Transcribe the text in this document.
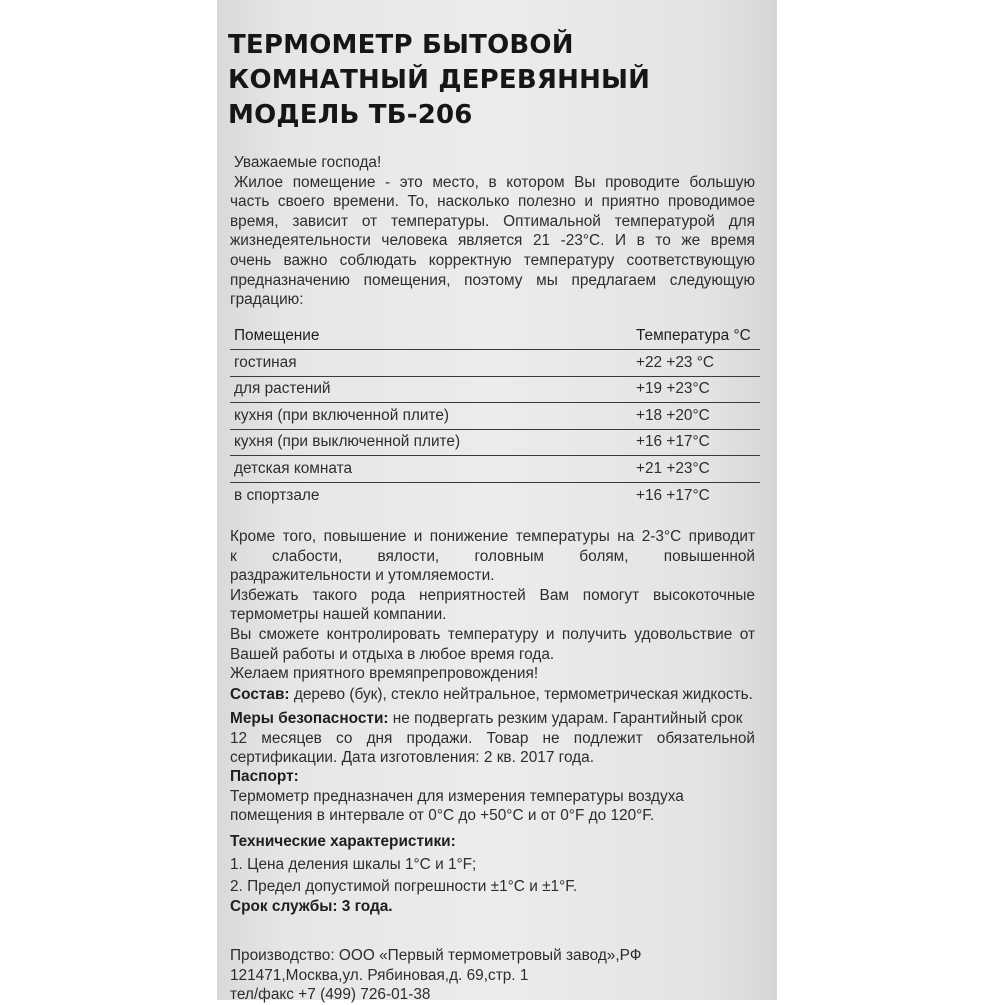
ТЕРМОМЕТР БЫТОВОЙ
КОМНАТНЫЙ ДЕРЕВЯННЫЙ
МОДЕЛЬ ТБ-206
Уважаемые господа!
Жилое помещение - это место, в котором Вы проводите большую
часть своего времени. То, насколько полезно и приятно проводимое
время, зависит от температуры. Оптимальной температурой для
жизнедеятельности человека является 21 -23°C. И в то же время
очень важно соблюдать корректную температуру соответствующую
предназначению помещения, поэтому мы предлагаем следующую
градацию:
Помещение	Температура °С
гостиная	+22 +23 °С
для растений	+19 +23°С
кухня (при включенной плите)	+18 +20°С
кухня (при выключенной плите)	+16 +17°С
детская комната	+21 +23°С
в спортзале	+16 +17°С
Кроме того, повышение и понижение температуры на 2-3°С приводит
к слабости, вялости, головным болям, повышенной
раздражительности и утомляемости.
Избежать такого рода неприятностей Вам помогут высокоточные
термометры нашей компании.
Вы сможете контролировать температуру и получить удовольствие от
Вашей работы и отдыха в любое время года.
Желаем приятного времяпрепровождения!
Состав: дерево (бук), стекло нейтральное, термометрическая жидкость.
Меры безопасности: не подвергать резким ударам. Гарантийный срок
12 месяцев со дня продажи. Товар не подлежит обязательной
сертификации. Дата изготовления: 2 кв. 2017 года.
Паспорт:
Термометр предназначен для измерения температуры воздуха
помещения в интервале от 0°С до +50°С и от 0°F до 120°F.
Технические характеристики:
1. Цена деления шкалы 1°С и 1°F;
2. Предел допустимой погрешности ±1°С и ±1°F.
Срок службы: 3 года.
Производство: ООО «Первый термометровый завод»,РФ
121471,Москва,ул. Рябиновая,д. 69,стр. 1
тел/факс +7 (499) 726-01-38
